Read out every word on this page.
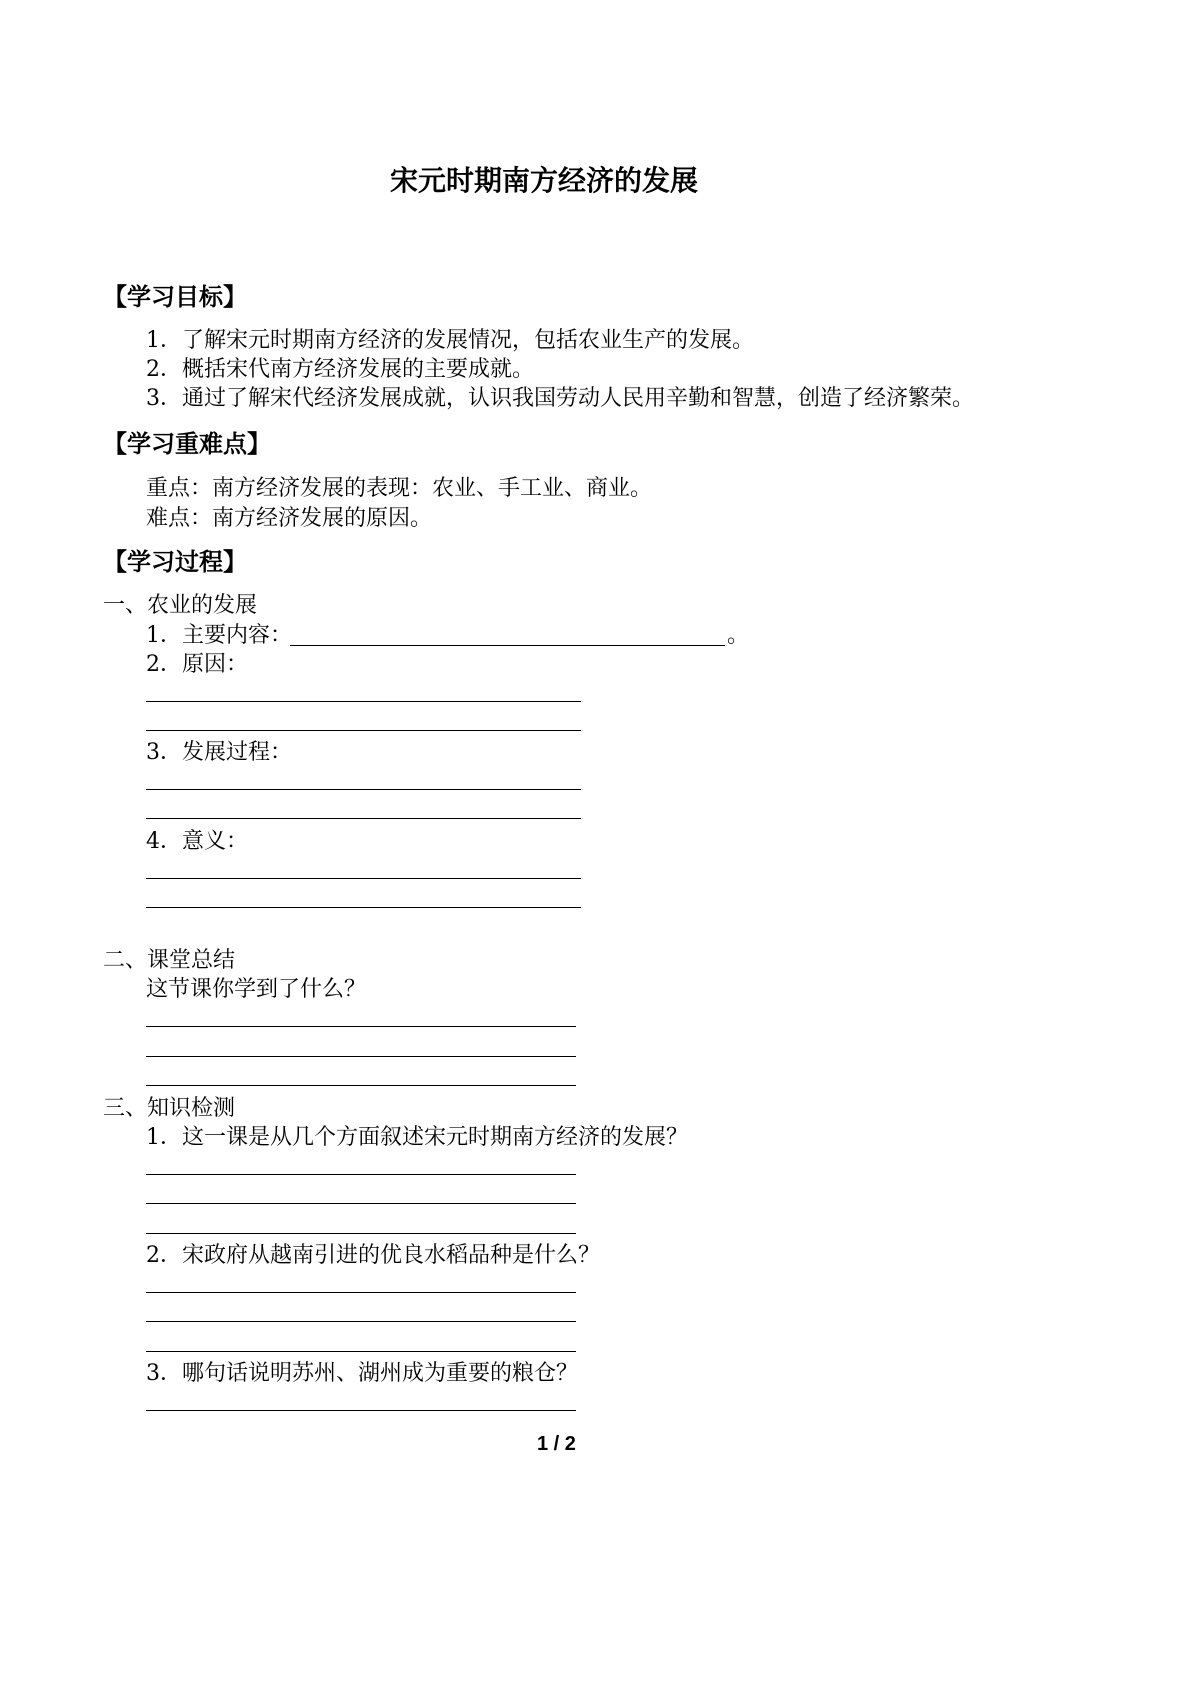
宋元时期南方经济的发展
【学习目标】
1．了解宋元时期南方经济的发展情况，包括农业生产的发展。
2．概括宋代南方经济发展的主要成就。
3．通过了解宋代经济发展成就，认识我国劳动人民用辛勤和智慧，创造了经济繁荣。
【学习重难点】
重点：南方经济发展的表现：农业、手工业、商业。
难点：南方经济发展的原因。
【学习过程】
一、农业的发展
1．主要内容：	。
2．原因：
3．发展过程：
4．意义：
二、课堂总结
这节课你学到了什么？
三、知识检测
1．这一课是从几个方面叙述宋元时期南方经济的发展？
2．宋政府从越南引进的优良水稻品种是什么？
3．哪句话说明苏州、湖州成为重要的粮仓？
1 / 2
